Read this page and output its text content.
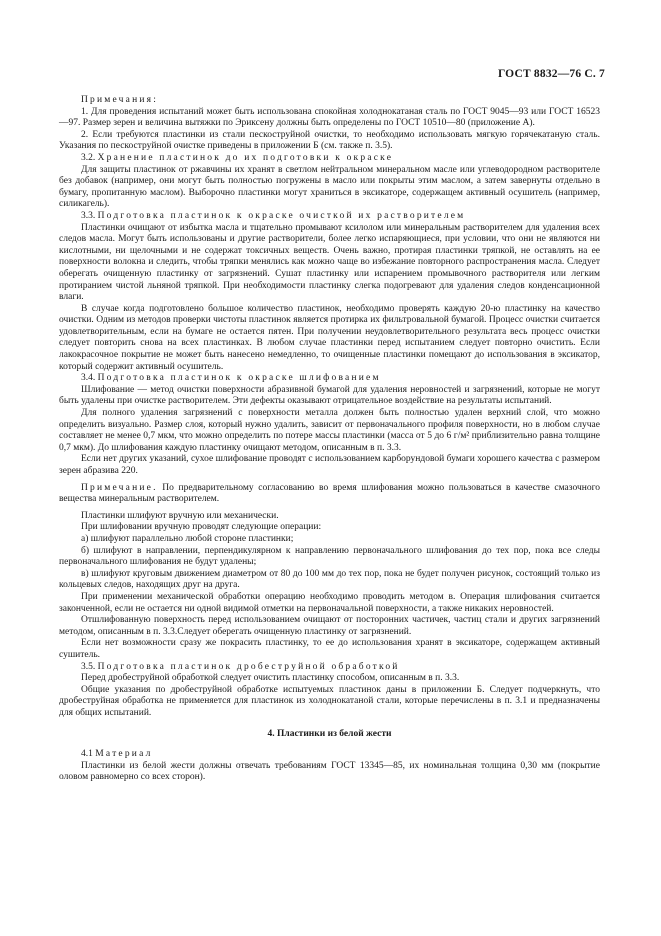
ГОСТ 8832—76 С. 7

Примечания:

1. Для проведения испытаний может быть использована спокойная холоднокатаная сталь по ГОСТ 9045—93 или ГОСТ 16523—97. Размер зерен и величина вытяжки по Эриксену должны быть определены по ГОСТ 10510—80 (приложение А).

2. Если требуются пластинки из стали пескоструйной очистки, то необходимо использовать мягкую горячекатаную сталь. Указания по пескоструйной очистке приведены в приложении Б (см. также п. 3.5).

3.2. Хранение пластинок до их подготовки к окраске

Для защиты пластинок от ржавчины их хранят в светлом нейтральном минеральном масле или углеводородном растворителе без добавок (например, они могут быть полностью погружены в масло или покрыты этим маслом, а затем завернуты отдельно в бумагу, пропитанную маслом). Выборочно пластинки могут храниться в эксикаторе, содержащем активный осушитель (например, силикагель).

3.3. Подготовка пластинок к окраске очисткой их растворителем

Пластинки очищают от избытка масла и тщательно промывают ксилолом или минеральным растворителем для удаления всех следов масла. Могут быть использованы и другие растворители, более легко испаряющиеся, при условии, что они не являются ни кислотными, ни щелочными и не содержат токсичных веществ. Очень важно, протирая пластинки тряпкой, не оставлять на ее поверхности волокна и следить, чтобы тряпки менялись как можно чаще во избежание повторного распространения масла. Следует оберегать очищенную пластинку от загрязнений. Сушат пластинку или испарением промывочного растворителя или легким протиранием чистой льняной тряпкой. При необходимости пластинку слегка подогревают для удаления следов конденсационной влаги.

В случае когда подготовлено большое количество пластинок, необходимо проверять каждую 20-ю пластинку на качество очистки. Одним из методов проверки чистоты пластинок является протирка их фильтровальной бумагой. Процесс очистки считается удовлетворительным, если на бумаге не остается пятен. При получении неудовлетворительного результата весь процесс очистки следует повторить снова на всех пластинках. В любом случае пластинки перед испытанием следует повторно очистить. Если лакокрасочное покрытие не может быть нанесено немедленно, то очищенные пластинки помещают до использования в эксикатор, который содержит активный осушитель.

3.4. Подготовка пластинок к окраске шлифованием

Шлифование — метод очистки поверхности абразивной бумагой для удаления неровностей и загрязнений, которые не могут быть удалены при очистке растворителем. Эти дефекты оказывают отрицательное воздействие на результаты испытаний.

Для полного удаления загрязнений с поверхности металла должен быть полностью удален верхний слой, что можно определить визуально. Размер слоя, который нужно удалить, зависит от первоначального профиля поверхности, но в любом случае составляет не менее 0,7 мкм, что можно определить по потере массы пластинки (масса от 5 до 6 г/м² приблизительно равна толщине 0,7 мкм). До шлифования каждую пластинку очищают методом, описанным в п. 3.3.

Если нет других указаний, сухое шлифование проводят с использованием карборундовой бумаги хорошего качества с размером зерен абразива 220.

Примечание. По предварительному согласованию во время шлифования можно пользоваться в качестве смазочного вещества минеральным растворителем.

Пластинки шлифуют вручную или механически.

При шлифовании вручную проводят следующие операции:

а) шлифуют параллельно любой стороне пластинки;

б) шлифуют в направлении, перпендикулярном к направлению первоначального шлифования до тех пор, пока все следы первоначального шлифования не будут удалены;

в) шлифуют круговым движением диаметром от 80 до 100 мм до тех пор, пока не будет получен рисунок, состоящий только из кольцевых следов, находящих друг на друга.

При применении механической обработки операцию необходимо проводить методом в. Операция шлифования считается законченной, если не остается ни одной видимой отметки на первоначальной поверхности, а также никаких неровностей.

Отшлифованную поверхность перед использованием очищают от посторонних частичек, частиц стали и других загрязнений методом, описанным в п. 3.3.Следует оберегать очищенную пластинку от загрязнений.

Если нет возможности сразу же покрасить пластинку, то ее до использования хранят в эксикаторе, содержащем активный сушитель.

3.5. Подготовка пластинок дробеструйной обработкой

Перед дробеструйной обработкой следует очистить пластинку способом, описанным в п. 3.3.

Общие указания по дробеструйной обработке испытуемых пластинок даны в приложении Б. Следует подчеркнуть, что дробеструйная обработка не применяется для пластинок из холоднокатаной стали, которые перечислены в п. 3.1 и предназначены для общих испытаний.

4. Пластинки из белой жести

4.1 Материал

Пластинки из белой жести должны отвечать требованиям ГОСТ 13345—85, их номинальная толщина 0,30 мм (покрытие оловом равномерно со всех сторон).
